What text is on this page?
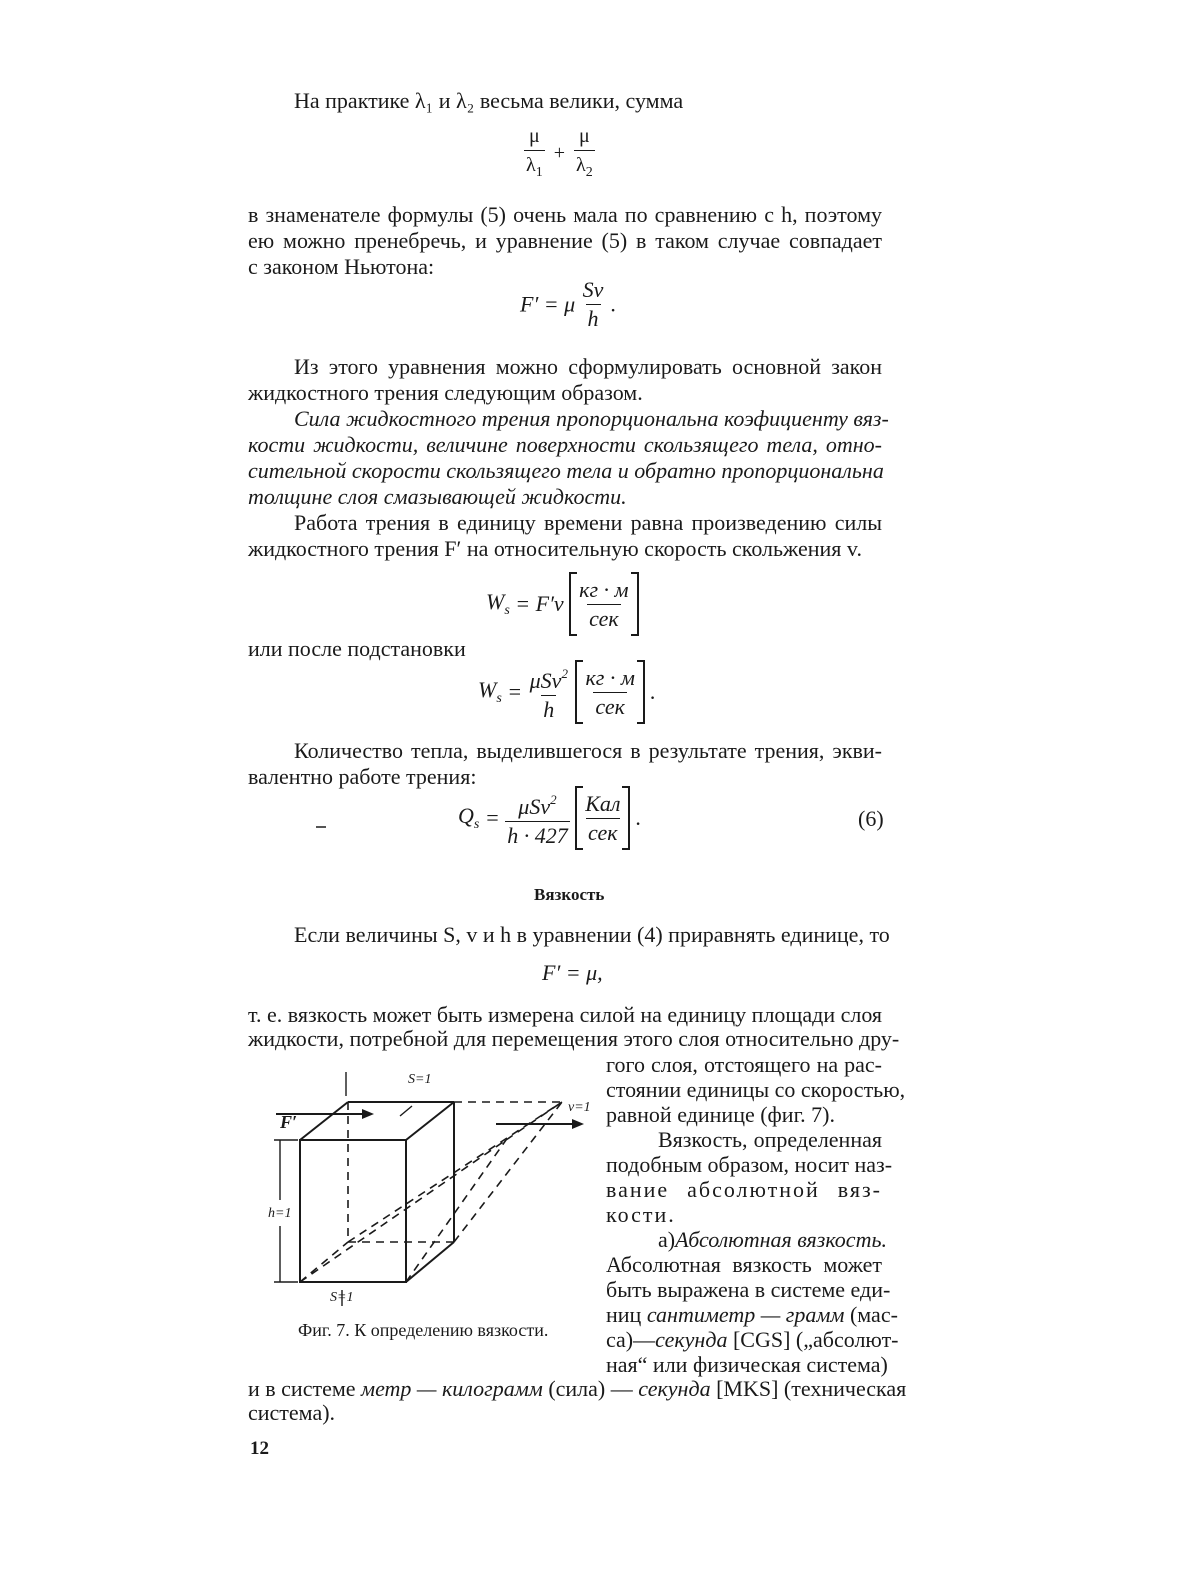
На практике λ₁ и λ₂ весьма велики, сумма
$\frac{\mu}{\lambda_1} + \frac{\mu}{\lambda_2}$
в знаменателе формулы (5) очень мала по сравнению с h, поэтому
ею можно пренебречь, и уравнение (5) в таком случае совпадает
с законом Ньютона:
F′ = μ $\frac{Sv}{h}$ .
Из этого уравнения можно сформулировать основной закон
жидкостного трения следующим образом.
Сила жидкостного трения пропорциональна коэфициенту вяз-
кости жидкости, величине поверхности скользящего тела, отно-
сительной скорости скользящего тела и обратно пропорциональна
толщине слоя смазывающей жидкости.
Работа трения в единицу времени равна произведению силы
жидкостного трения F′ на относительную скорость скольжения v.
$W_s = F'v \frac{кг \cdot м}{\text{сек}}$
или после подстановки
$W_s = \frac{\mu Sv^2}{h}$
$\frac{кг \cdot м}{\text{сек}}$ .
Количество тепла, выделившегося в результате трения, экви-
валентно работе трения:
$Q_s = \frac{\mu Sv^2}{h \cdot 427}$
$\frac{\text{Кал}}{\text{сек}}$ .	(6)
Вязкость
Если величины S, v и h в уравнении (4) приравнять единице, то
F′ = μ,
т. е. вязкость может быть измерена силой на единицу площади слоя
жидкости, потребной для перемещения этого слоя относительно дру-
гого слоя, отстоящего на рас-
стоянии единицы со скоростью,
равной единице (фиг. 7).
Вязкость, определенная
подобным образом, носит наз-
вание абсолютной вяз-
кости.
а)Абсолютная вязкость.
Абсолютная вязкость может
быть выражена в системе еди-
ниц сантиметр — грамм (мас-
са)—секунда [CGS] („абсолют-
ная“ или физическая система)
S=1
S=1
v=1
F′
h=1
Фиг. 7. К определению вязкости.
и в системе метр — килограмм (сила) — секунда [MKS] (техническая
система).
12
